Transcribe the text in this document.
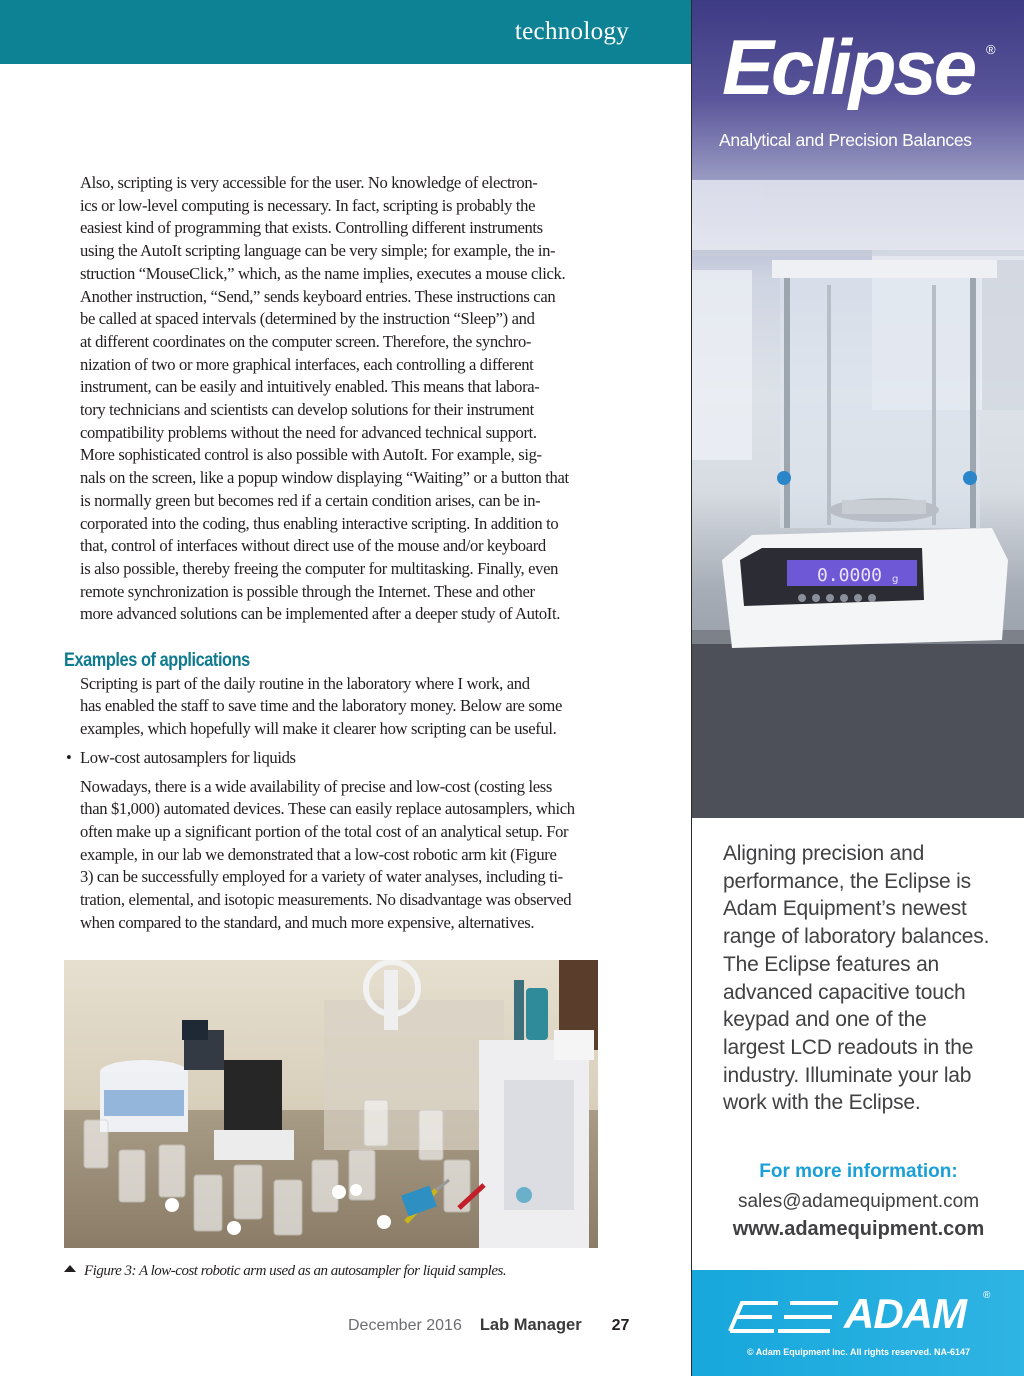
technology

Also, scripting is very accessible for the user. No knowledge of electron-
ics or low-level computing is necessary. In fact, scripting is probably the
easiest kind of programming that exists. Controlling different instruments
using the AutoIt scripting language can be very simple; for example, the in-
struction “MouseClick,” which, as the name implies, executes a mouse click.
Another instruction, “Send,” sends keyboard entries. These instructions can
be called at spaced intervals (determined by the instruction “Sleep”) and
at different coordinates on the computer screen. Therefore, the synchro-
nization of two or more graphical interfaces, each controlling a different
instrument, can be easily and intuitively enabled. This means that labora-
tory technicians and scientists can develop solutions for their instrument
compatibility problems without the need for advanced technical support.

More sophisticated control is also possible with AutoIt. For example, sig-
nals on the screen, like a popup window displaying “Waiting” or a button that
is normally green but becomes red if a certain condition arises, can be in-
corporated into the coding, thus enabling interactive scripting. In addition to
that, control of interfaces without direct use of the mouse and/or keyboard
is also possible, thereby freeing the computer for multitasking. Finally, even
remote synchronization is possible through the Internet. These and other
more advanced solutions can be implemented after a deeper study of AutoIt.

Examples of applications

Scripting is part of the daily routine in the laboratory where I work, and
has enabled the staff to save time and the laboratory money. Below are some
examples, which hopefully will make it clearer how scripting can be useful.

• Low-cost autosamplers for liquids

Nowadays, there is a wide availability of precise and low-cost (costing less
than $1,000) automated devices. These can easily replace autosamplers, which
often make up a significant portion of the total cost of an analytical setup. For
example, in our lab we demonstrated that a low-cost robotic arm kit (Figure
3) can be successfully employed for a variety of water analyses, including ti-
tration, elemental, and isotopic measurements. No disadvantage was observed
when compared to the standard, and much more expensive, alternatives.

Figure 3: A low-cost robotic arm used as an autosampler for liquid samples.
December 2016 Lab Manager 27
0.0000 g
Eclipse ®
Analytical and Precision Balances
Aligning precision and
performance, the Eclipse is
Adam Equipment’s newest
range of laboratory balances.
The Eclipse features an
advanced capacitive touch
keypad and one of the
largest LCD readouts in the
industry. Illuminate your lab
work with the Eclipse.
For more information:
sales@adamequipment.com
www.adamequipment.com
ADAM ®
© Adam Equipment Inc. All rights reserved. NA-6147
